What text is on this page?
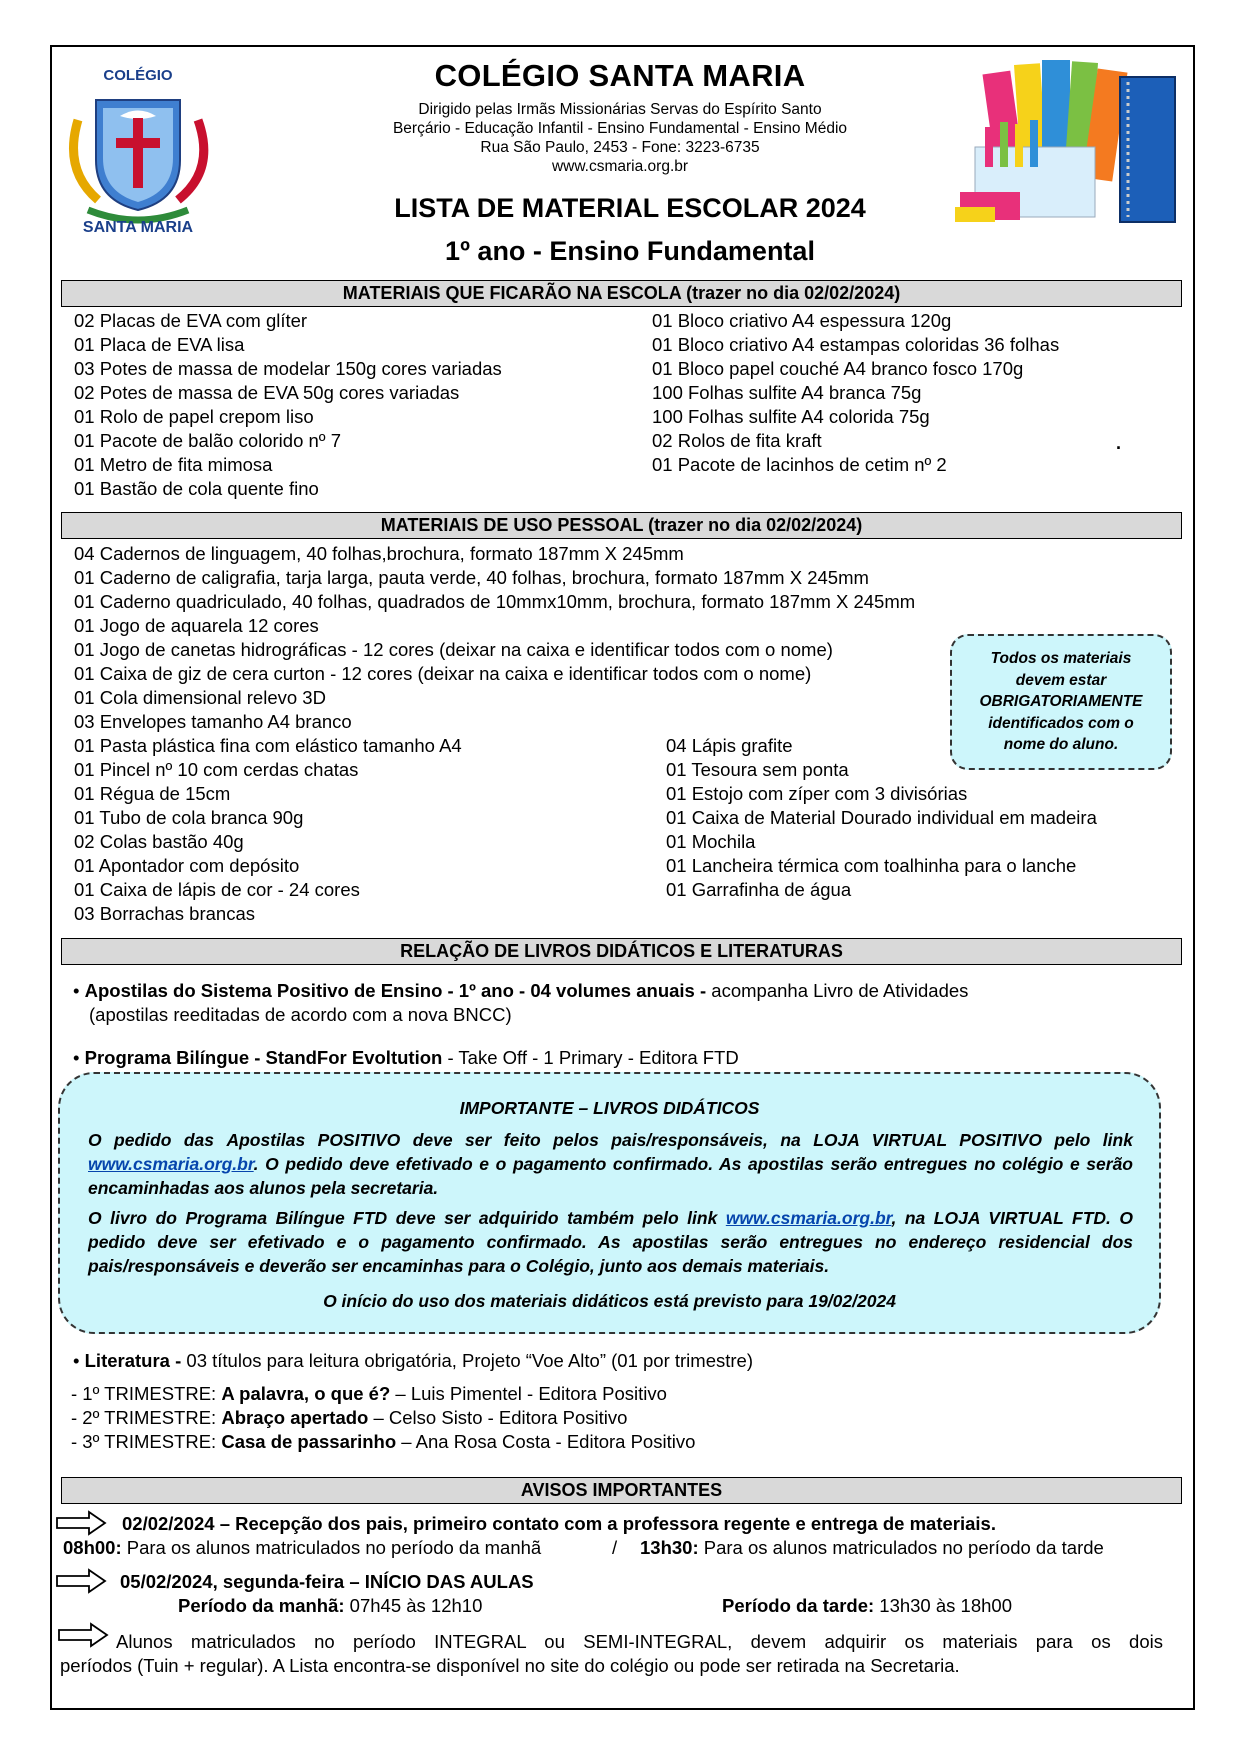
COLÉGIO
SANTA MARIA
COLÉGIO SANTA MARIA
Dirigido pelas Irmãs Missionárias Servas do Espírito Santo
Berçário - Educação Infantil - Ensino Fundamental - Ensino Médio
Rua São Paulo, 2453 - Fone: 3223-6735
www.csmaria.org.br
LISTA DE MATERIAL ESCOLAR 2024
1º ano - Ensino Fundamental
MATERIAIS QUE FICARÃO NA ESCOLA (trazer no dia 02/02/2024)
02 Placas de EVA com glíter
01 Placa de EVA lisa
03 Potes de massa de modelar 150g cores variadas
02 Potes de massa de EVA 50g cores variadas
01 Rolo de papel crepom liso
01 Pacote de balão colorido nº 7
01 Metro de fita mimosa
01 Bastão de cola quente fino
01 Bloco criativo A4 espessura 120g
01 Bloco criativo A4 estampas coloridas 36 folhas
01 Bloco papel couché A4 branco fosco 170g
100 Folhas sulfite A4 branca 75g
100 Folhas sulfite A4 colorida 75g
02 Rolos de fita kraft
01 Pacote de lacinhos de cetim nº 2
.
MATERIAIS DE USO PESSOAL (trazer no dia 02/02/2024)
04 Cadernos de linguagem, 40 folhas,brochura, formato 187mm X 245mm
01 Caderno de caligrafia, tarja larga, pauta verde, 40 folhas, brochura, formato 187mm X 245mm
01 Caderno quadriculado, 40 folhas, quadrados de 10mmx10mm, brochura, formato 187mm X 245mm
01 Jogo de aquarela 12 cores
01 Jogo de canetas hidrográficas - 12 cores (deixar na caixa e identificar todos com o nome)
01 Caixa de giz de cera curton - 12 cores (deixar na caixa e identificar todos com o nome)
01 Cola dimensional relevo 3D
03 Envelopes tamanho A4 branco
01 Pasta plástica fina com elástico tamanho A4
01 Pincel nº 10 com cerdas chatas
01 Régua de 15cm
01 Tubo de cola branca 90g
02 Colas bastão 40g
01 Apontador com depósito
01 Caixa de lápis de cor - 24 cores
03 Borrachas brancas
04 Lápis grafite
01 Tesoura sem ponta
01 Estojo com zíper com 3 divisórias
01 Caixa de Material Dourado individual em madeira
01 Mochila
01 Lancheira térmica com toalhinha para o lanche
01 Garrafinha de água
Todos os materiais
devem estar
OBRIGATORIAMENTE
identificados com o
nome do aluno.
RELAÇÃO DE LIVROS DIDÁTICOS E LITERATURAS
• Apostilas do Sistema Positivo de Ensino - 1º ano - 04 volumes anuais - acompanha Livro de Atividades
(apostilas reeditadas de acordo com a nova BNCC)
• Programa Bilíngue - StandFor Evoltution - Take Off - 1 Primary - Editora FTD
IMPORTANTE – LIVROS DIDÁTICOS
O pedido das Apostilas POSITIVO deve ser feito pelos pais/responsáveis, na LOJA VIRTUAL POSITIVO pelo link www.csmaria.org.br. O pedido deve efetivado e o pagamento confirmado. As apostilas serão entregues no colégio e serão encaminhadas aos alunos pela secretaria.
O livro do Programa Bilíngue FTD deve ser adquirido também pelo link www.csmaria.org.br, na LOJA VIRTUAL FTD. O pedido deve ser efetivado e o pagamento confirmado. As apostilas serão entregues no endereço residencial dos pais/responsáveis e deverão ser encaminhas para o Colégio, junto aos demais materiais.
O início do uso dos materiais didáticos está previsto para 19/02/2024
• Literatura - 03 títulos para leitura obrigatória, Projeto “Voe Alto” (01 por trimestre)
- 1º TRIMESTRE: A palavra, o que é? – Luis Pimentel - Editora Positivo
- 2º TRIMESTRE: Abraço apertado – Celso Sisto - Editora Positivo
- 3º TRIMESTRE: Casa de passarinho – Ana Rosa Costa - Editora Positivo
AVISOS IMPORTANTES
02/02/2024 – Recepção dos pais, primeiro contato com a professora regente e entrega de materiais.
08h00: Para os alunos matriculados no período da manhã	/ 13h30: Para os alunos matriculados no período da tarde
05/02/2024, segunda-feira – INÍCIO DAS AULAS
Período da manhã: 07h45 às 12h10	Período da tarde: 13h30 às 18h00
Alunos matriculados no período INTEGRAL ou SEMI-INTEGRAL, devem adquirir os materiais para os dois
períodos (Tuin + regular). A Lista encontra-se disponível no site do colégio ou pode ser retirada na Secretaria.
